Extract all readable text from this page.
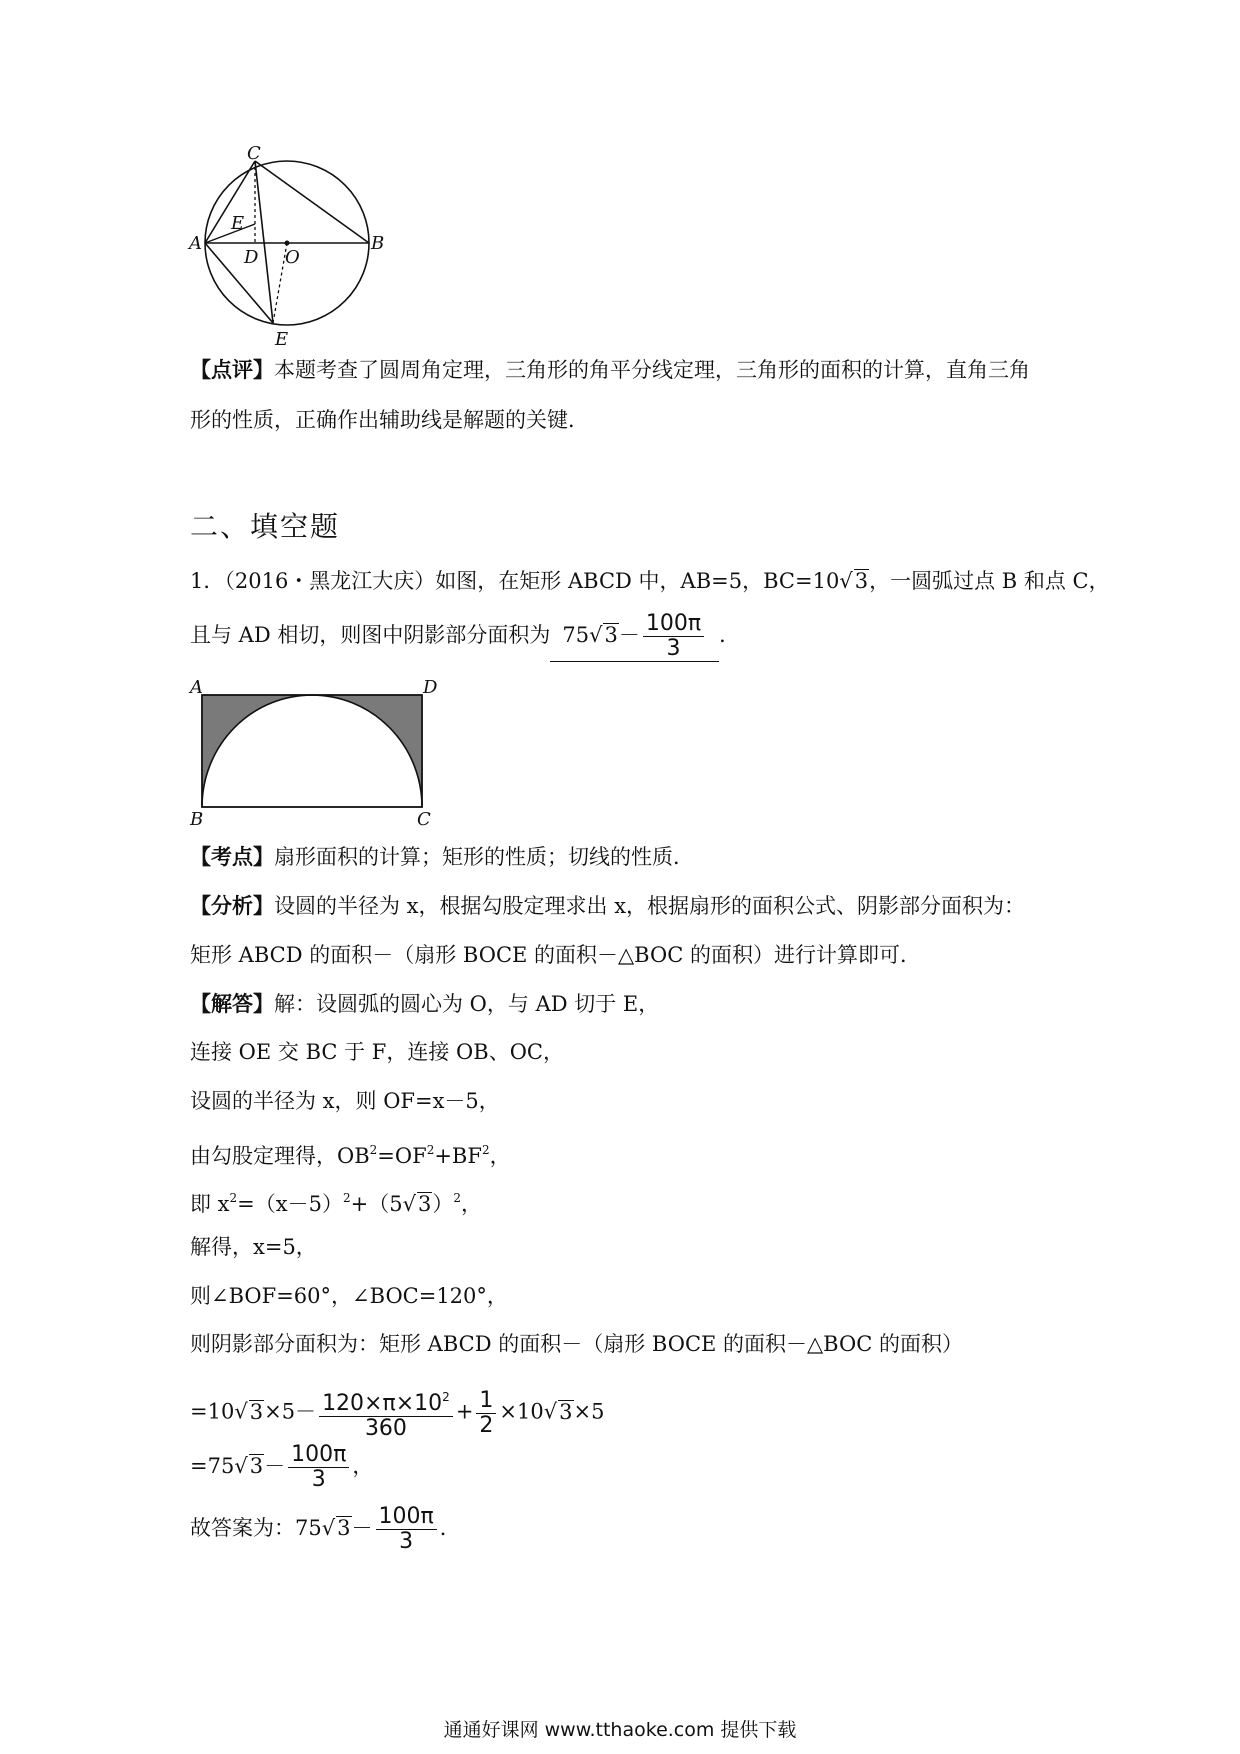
C
E
A
D O
B
E
【点评】本题考查了圆周角定理，三角形的角平分线定理，三角形的面积的计算，直角三角
形的性质，正确作出辅助线是解题的关键．
二、填空题
1．（2016・黑龙江大庆）如图，在矩形 ABCD 中，AB=5，BC=10√3，一圆弧过点 B 和点 C，
且与 AD 相切，则图中阴影部分面积为 $75√3- \frac{100\pi}{3}$ ．
A	D
B	C
【考点】扇形面积的计算；矩形的性质；切线的性质．
【分析】设圆的半径为 x，根据勾股定理求出 x，根据扇形的面积公式、阴影部分面积为：
矩形 ABCD 的面积－（扇形 BOCE 的面积－△BOC 的面积）进行计算即可．
【解答】解：设圆弧的圆心为 O，与 AD 切于 E，
连接 OE 交 BC 于 F，连接 OB、OC，
设圆的半径为 x，则 OF=x－5，
由勾股定理得，$OB^2=OF^2+BF^2$，
即 $x^2=(x-5)^2+(5√3)^2$，
解得，x=5，
则∠BOF=60°，∠BOC=120°，
则阴影部分面积为：矩形 ABCD 的面积－（扇形 BOCE 的面积－△BOC 的面积）
$=10√3\times 5- \frac{120\times\pi\times 10^2}{360} + \frac{1}{2} \times 10√3\times 5$
$=75√3- \frac{100\pi}{3}$ ，
故答案为：$75√3- \frac{100\pi}{3}$ ．
通通好课网 www.tthaoke.com 提供下载
